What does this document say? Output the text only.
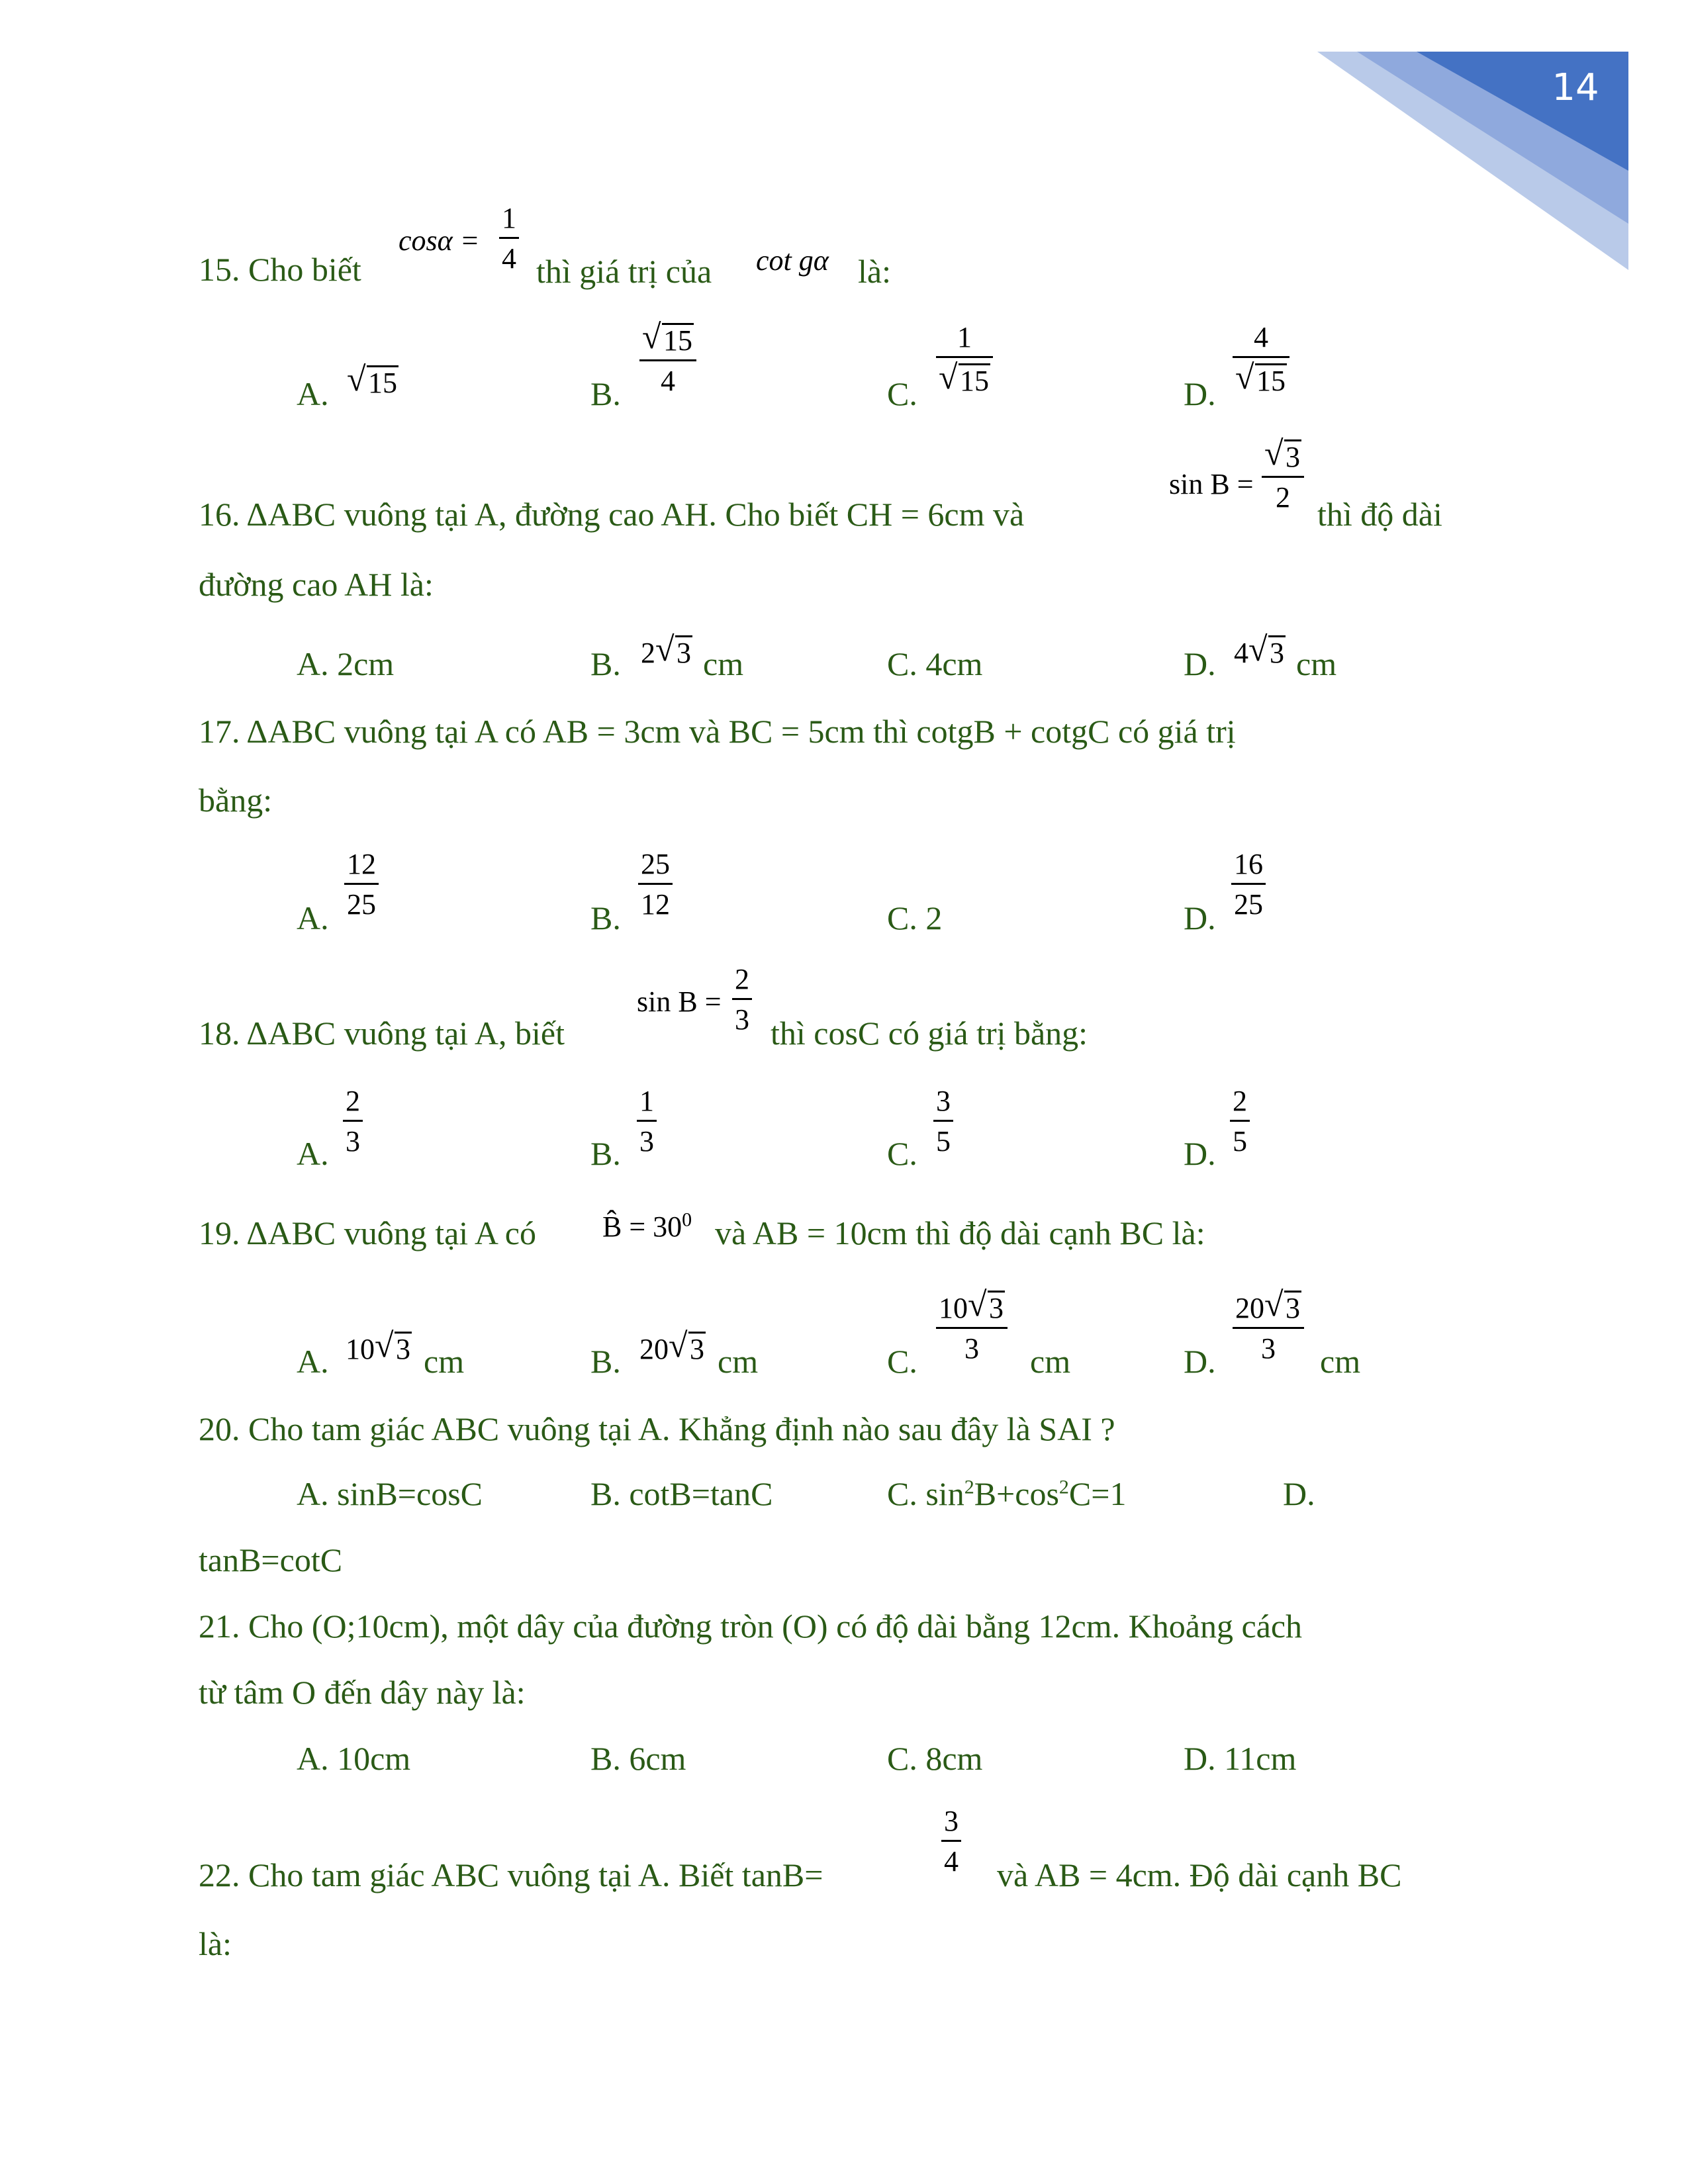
14
15. Cho biết
cosα =
1
4 thì giá trị của cot gα là:
A. √ 15	B.
√ 15
4	C.
1
√ 15	D.
4
√ 15
16. ΔABC vuông tại A, đường cao AH. Cho biết CH = 6cm và
sin B =
√ 3
2 thì độ dài
đường cao AH là:
A. 2cm	B. 2 √ 3 cm	C. 4cm	D. 4 √ 3 cm
17. ΔABC vuông tại A có AB = 3cm và BC = 5cm thì cotgB + cotgC có giá trị
bằng:
A.
12
25	B.
25
12	C. 2	D.
16
25
18. ΔABC vuông tại A, biết
sin B =
2
3 thì cosC có giá trị bằng:
A.
2
3	B.
1
3	C.
3
5	D.
2
5
19. ΔABC vuông tại A có B̂ = $30^0$ và AB = 10cm thì độ dài cạnh BC là:
A. 10 √ 3 cm	B. 20 √ 3 cm	C.
10 √ 3
3	cm	D.
20 √ 3
3	cm
20. Cho tam giác ABC vuông tại A. Khẳng định nào sau đây là SAI ?
A. sinB=cosC	B. cotB=tanC	C. $\sin^2B+\cos^2C=1$	D.
tanB=cotC
21. Cho (O;10cm), một dây của đường tròn (O) có độ dài bằng 12cm. Khoảng cách
từ tâm O đến dây này là:
A. 10cm	B. 6cm	C. 8cm	D. 11cm
22. Cho tam giác ABC vuông tại A. Biết tanB=
3
4 và AB = 4cm. Độ dài cạnh BC
là:
